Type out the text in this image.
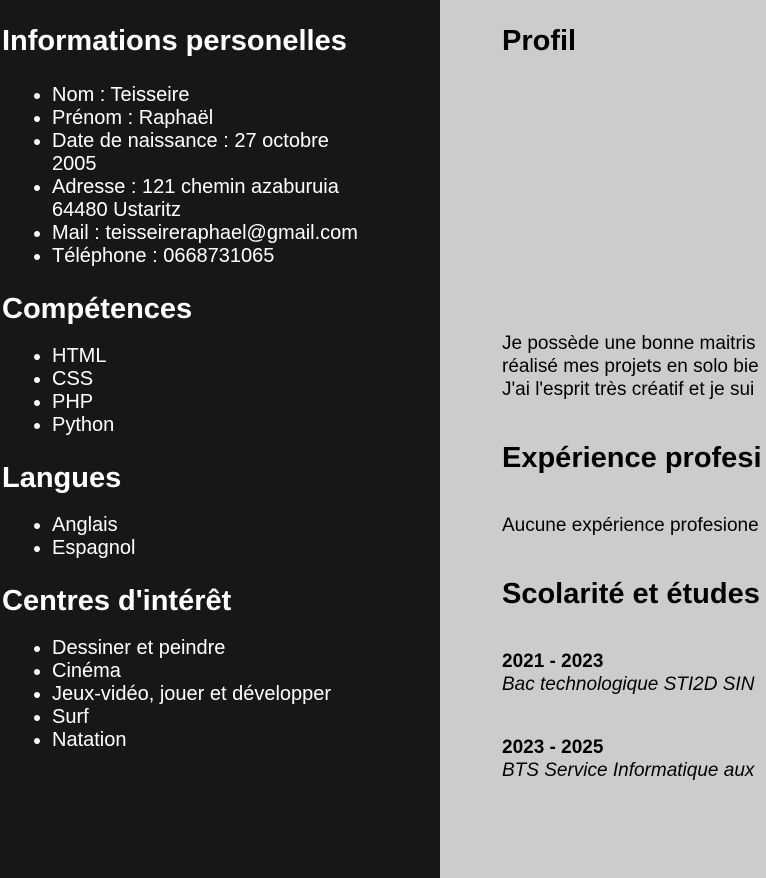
Informations personelles
• Nom : Teisseire
• Prénom : Raphaël
• Date de naissance : 27 octobre 2005
• Adresse : 121 chemin azaburuia 64480 Ustaritz
• Mail : teisseireraphael@gmail.com
• Téléphone : 0668731065
Compétences
• HTML
• CSS
• PHP
• Python
Langues
• Anglais
• Espagnol
Centres d'intérêt
• Dessiner et peindre
• Cinéma
• Jeux-vidéo, jouer et développer
• Surf
• Natation
Profil

Je possède une bonne maitris

réalisé mes projets en solo bie

J'ai l'esprit très créatif et je sui

Expérience profesi

Aucune expérience profesione

Scolarité et études
2021 - 2023
Bac technologique STI2D SIN
2023 - 2025
BTS Service Informatique aux
